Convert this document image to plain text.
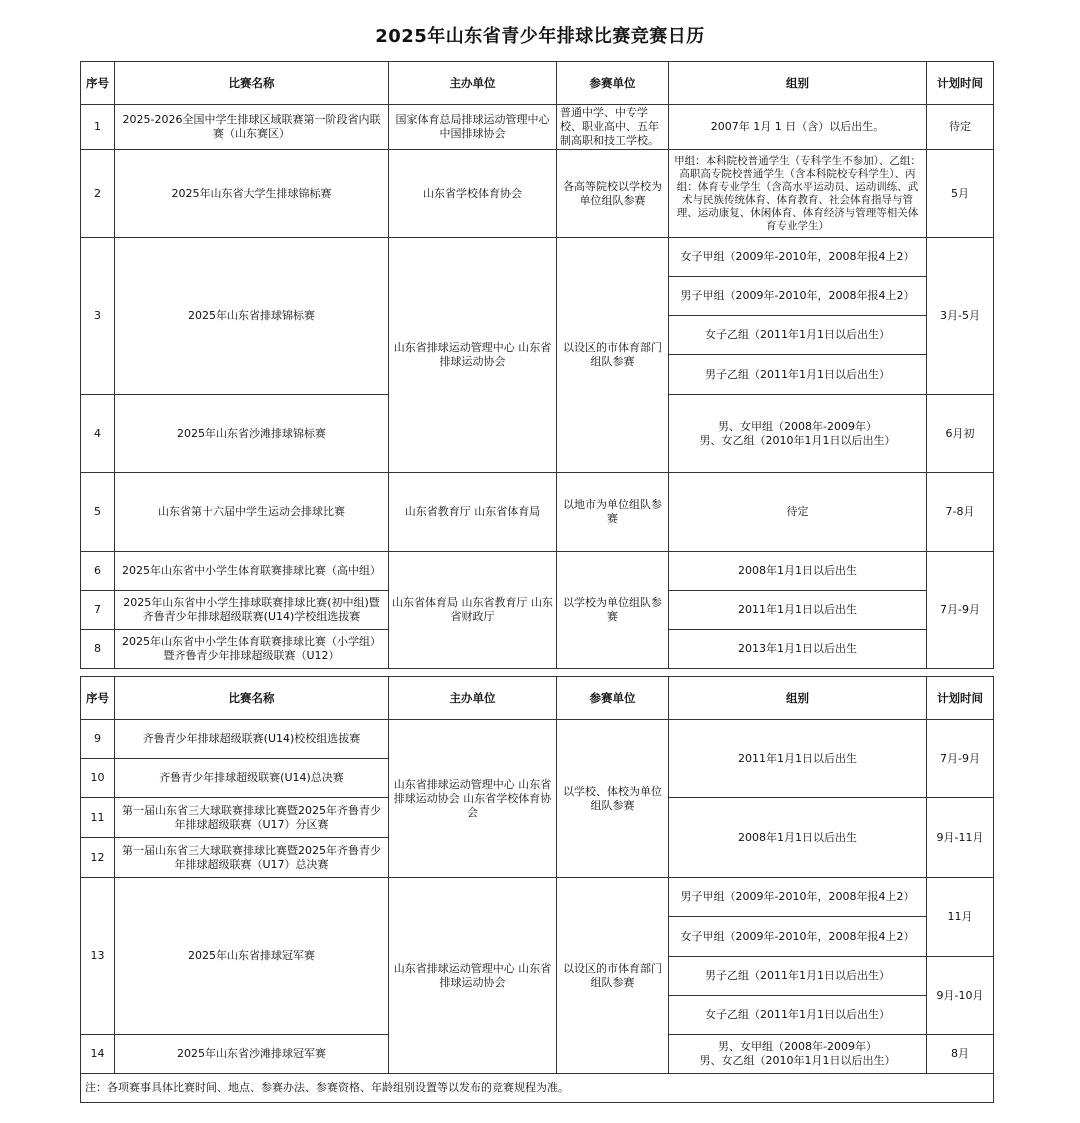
2025年山东省青少年排球比赛竞赛日历
序号	比赛名称	主办单位	参赛单位	组别	计划时间
1	2025-2026全国中学生排球区域联赛第一阶段省内联赛（山东赛区）	国家体育总局排球运动管理中心 中国排球协会	普通中学、中专学校、职业高中、五年制高职和技工学校。	2007年 1月 1 日（含）以后出生。	待定
2	2025年山东省大学生排球锦标赛	山东省学校体育协会	各高等院校以学校为单位组队参赛	甲组：本科院校普通学生（专科学生不参加）、乙组：高职高专院校普通学生（含本科院校专科学生）、丙组：体育专业学生（含高水平运动员、运动训练、武术与民族传统体育、体育教育、社会体育指导与管理、运动康复、休闲体育、体育经济与管理等相关体育专业学生）	5月
3	2025年山东省排球锦标赛	山东省排球运动管理中心 山东省排球运动协会	以设区的市体育部门组队参赛	女子甲组（2009年-2010年，2008年报4上2）	3月-5月
				男子甲组（2009年-2010年，2008年报4上2）	
				女子乙组（2011年1月1日以后出生）	
				男子乙组（2011年1月1日以后出生）	
4	2025年山东省沙滩排球锦标赛			男、女甲组（2008年-2009年）
男、女乙组（2010年1月1日以后出生）	6月初
5	山东省第十六届中学生运动会排球比赛	山东省教育厅 山东省体育局	以地市为单位组队参赛	待定	7-8月
6	2025年山东省中小学生体育联赛排球比赛（高中组）	山东省体育局 山东省教育厅 山东省财政厅	以学校为单位组队参赛	2008年1月1日以后出生	7月-9月
7	2025年山东省中小学生排球联赛排球比赛(初中组)暨齐鲁青少年排球超级联赛(U14)学校组选拔赛			2011年1月1日以后出生	
8	2025年山东省中小学生体育联赛排球比赛（小学组）暨齐鲁青少年排球超级联赛（U12）			2013年1月1日以后出生	
序号	比赛名称	主办单位	参赛单位	组别	计划时间
9	齐鲁青少年排球超级联赛(U14)校校组选拔赛	山东省排球运动管理中心 山东省排球运动协会 山东省学校体育协会	以学校、体校为单位组队参赛	2011年1月1日以后出生	7月-9月
10	齐鲁青少年排球超级联赛(U14)总决赛				
11	第一届山东省三大球联赛排球比赛暨2025年齐鲁青少年排球超级联赛（U17）分区赛			2008年1月1日以后出生	9月-11月
12	第一届山东省三大球联赛排球比赛暨2025年齐鲁青少年排球超级联赛（U17）总决赛				
13	2025年山东省排球冠军赛	山东省排球运动管理中心 山东省排球运动协会	以设区的市体育部门组队参赛	男子甲组（2009年-2010年，2008年报4上2）	11月
				女子甲组（2009年-2010年，2008年报4上2）	
				男子乙组（2011年1月1日以后出生）	9月-10月
				女子乙组（2011年1月1日以后出生）	
14	2025年山东省沙滩排球冠军赛			男、女甲组（2008年-2009年）
男、女乙组（2010年1月1日以后出生）	8月
注：各项赛事具体比赛时间、地点、参赛办法、参赛资格、年龄组别设置等以发布的竞赛规程为准。					
